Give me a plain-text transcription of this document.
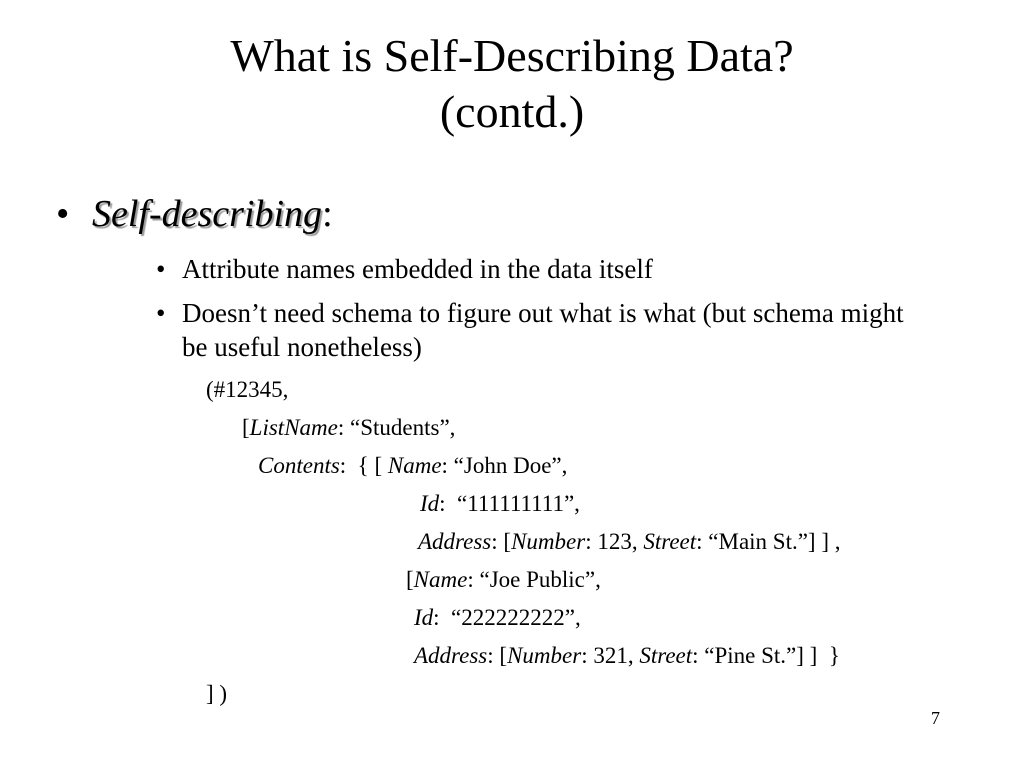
What is Self-Describing Data?
(contd.)
• Self-describing:
• Attribute names embedded in the data itself
• Doesn’t need schema to figure out what is what (but schema might be useful nonetheless)
(#12345,
[ListName: “Students”,
Contents:  { [ Name: “John Doe”,
Id:  “111111111”,
Address: [Number: 123, Street: “Main St.”] ] ,
[Name: “Joe Public”,
Id:  “222222222”,
Address: [Number: 321, Street: “Pine St.”] ]  }
] )
7
